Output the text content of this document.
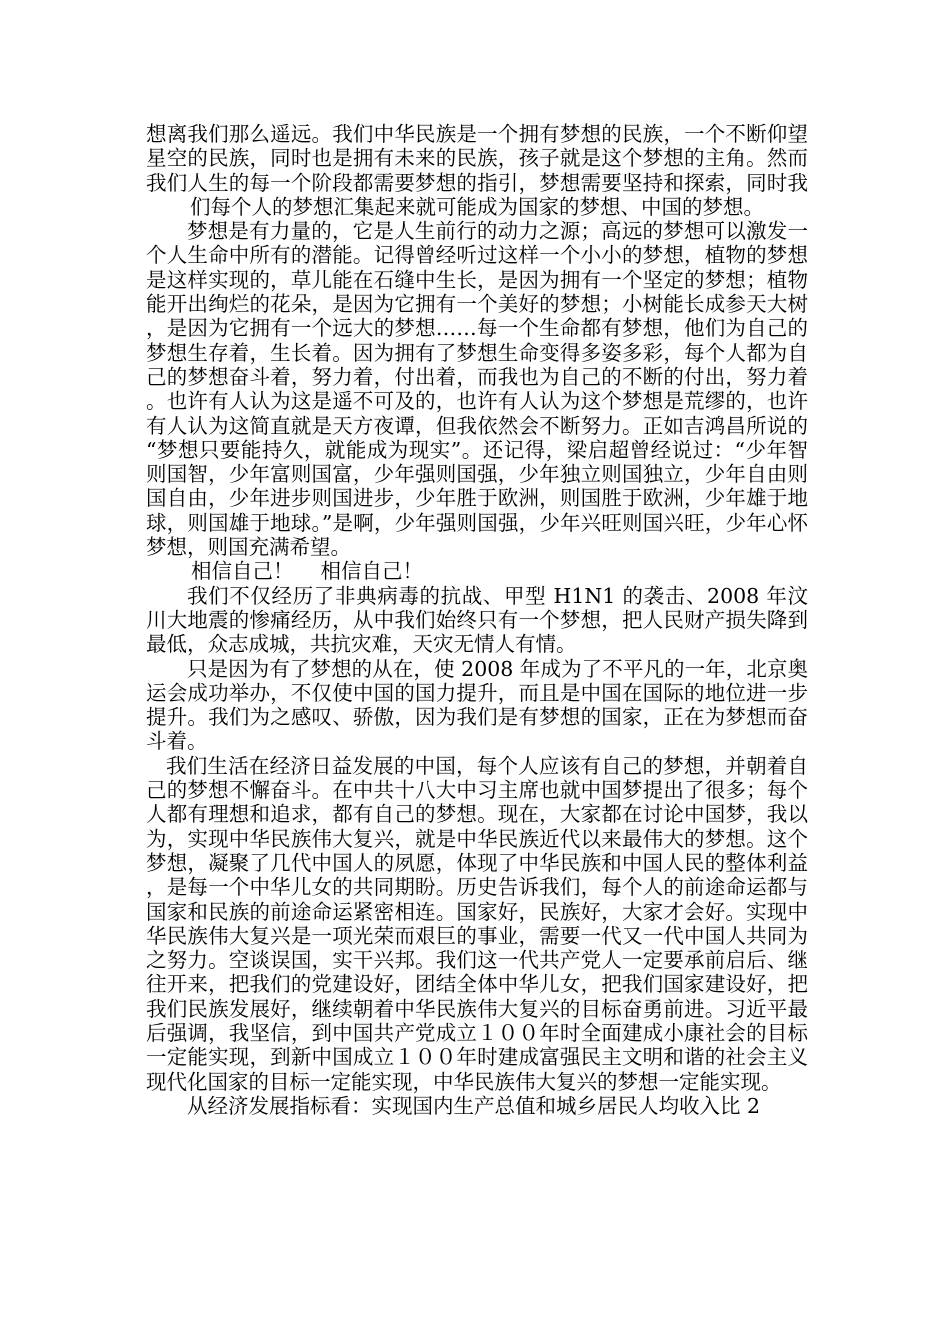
想离我们那么遥远。我们中华民族是一个拥有梦想的民族，一个不断仰望星空的民族，同时也是拥有未来的民族，孩子就是这个梦想的主角。然而我们人生的每一个阶段都需要梦想的指引，梦想需要坚持和探索，同时我们每个人的梦想汇集起来就可能成为国家的梦想、中国的梦想。

梦想是有力量的，它是人生前行的动力之源；高远的梦想可以激发一个人生命中所有的潜能。记得曾经听过这样一个小小的梦想，植物的梦想是这样实现的，草儿能在石缝中生长，是因为拥有一个坚定的梦想；植物能开出绚烂的花朵，是因为它拥有一个美好的梦想；小树能长成参天大树，是因为它拥有一个远大的梦想……每一个生命都有梦想，他们为自己的梦想生存着，生长着。因为拥有了梦想生命变得多姿多彩，每个人都为自己的梦想奋斗着，努力着，付出着，而我也为自己的不断的付出，努力着。也许有人认为这是遥不可及的，也许有人认为这个梦想是荒缪的，也许有人认为这简直就是天方夜谭，但我依然会不断努力。正如吉鸿昌所说的“梦想只要能持久，就能成为现实”。还记得，梁启超曾经说过：“少年智则国智，少年富则国富，少年强则国强，少年独立则国独立，少年自由则国自由，少年进步则国进步，少年胜于欧洲，则国胜于欧洲，少年雄于地球，则国雄于地球。”是啊，少年强则国强，少年兴旺则国兴旺，少年心怀梦想，则国充满希望。

相信自己！　 相信自己！

我们不仅经历了非典病毒的抗战、甲型 H1N1 的袭击、2008 年汶川大地震的惨痛经历，从中我们始终只有一个梦想，把人民财产损失降到最低，众志成城，共抗灾难，天灾无情人有情。

只是因为有了梦想的从在，使 2008 年成为了不平凡的一年，北京奥运会成功举办，不仅使中国的国力提升，而且是中国在国际的地位进一步提升。我们为之感叹、骄傲，因为我们是有梦想的国家，正在为梦想而奋斗着。

我们生活在经济日益发展的中国，每个人应该有自己的梦想，并朝着自己的梦想不懈奋斗。在中共十八大中习主席也就中国梦提出了很多；每个人都有理想和追求，都有自己的梦想。现在，大家都在讨论中国梦，我以为，实现中华民族伟大复兴，就是中华民族近代以来最伟大的梦想。这个梦想，凝聚了几代中国人的夙愿，体现了中华民族和中国人民的整体利益，是每一个中华儿女的共同期盼。历史告诉我们，每个人的前途命运都与国家和民族的前途命运紧密相连。国家好，民族好，大家才会好。实现中华民族伟大复兴是一项光荣而艰巨的事业，需要一代又一代中国人共同为之努力。空谈误国，实干兴邦。我们这一代共产党人一定要承前启后、继往开来，把我们的党建设好，团结全体中华儿女，把我们国家建设好，把我们民族发展好，继续朝着中华民族伟大复兴的目标奋勇前进。习近平最后强调，我坚信，到中国共产党成立１００年时全面建成小康社会的目标一定能实现，到新中国成立１００年时建成富强民主文明和谐的社会主义现代化国家的目标一定能实现，中华民族伟大复兴的梦想一定能实现。

从经济发展指标看：实现国内生产总值和城乡居民人均收入比 2
